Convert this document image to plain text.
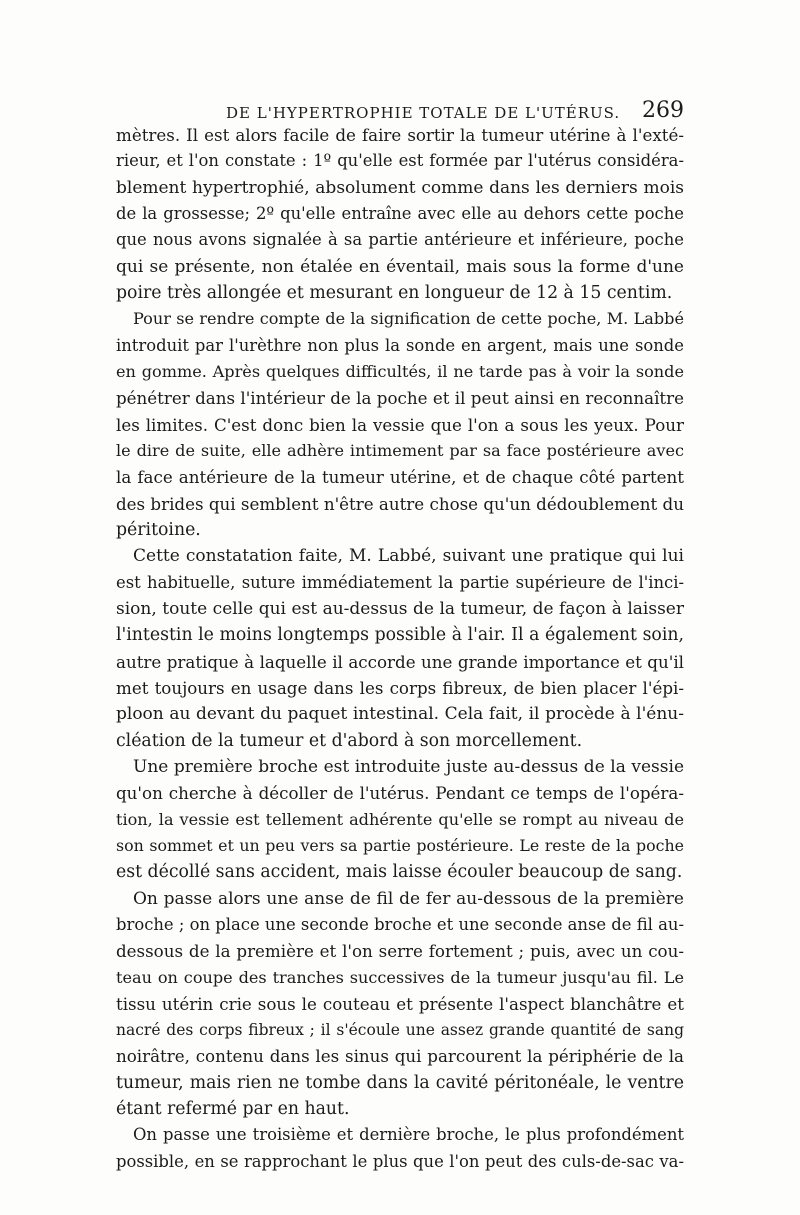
DE L'HYPERTROPHIE TOTALE DE L'UTÉRUS. 269
mètres. Il est alors facile de faire sortir la tumeur utérine à l'exté-
rieur, et l'on constate : 1º qu'elle est formée par l'utérus considéra-
blement hypertrophié, absolument comme dans les derniers mois
de la grossesse; 2º qu'elle entraîne avec elle au dehors cette poche
que nous avons signalée à sa partie antérieure et inférieure, poche
qui se présente, non étalée en éventail, mais sous la forme d'une
poire très allongée et mesurant en longueur de 12 à 15 centim.
Pour se rendre compte de la signification de cette poche, M. Labbé
introduit par l'urèthre non plus la sonde en argent, mais une sonde
en gomme. Après quelques difficultés, il ne tarde pas à voir la sonde
pénétrer dans l'intérieur de la poche et il peut ainsi en reconnaître
les limites. C'est donc bien la vessie que l'on a sous les yeux. Pour
le dire de suite, elle adhère intimement par sa face postérieure avec
la face antérieure de la tumeur utérine, et de chaque côté partent
des brides qui semblent n'être autre chose qu'un dédoublement du
péritoine.
Cette constatation faite, M. Labbé, suivant une pratique qui lui
est habituelle, suture immédiatement la partie supérieure de l'inci-
sion, toute celle qui est au-dessus de la tumeur, de façon à laisser
l'intestin le moins longtemps possible à l'air. Il a également soin,
autre pratique à laquelle il accorde une grande importance et qu'il
met toujours en usage dans les corps fibreux, de bien placer l'épi-
ploon au devant du paquet intestinal. Cela fait, il procède à l'énu-
cléation de la tumeur et d'abord à son morcellement.
Une première broche est introduite juste au-dessus de la vessie
qu'on cherche à décoller de l'utérus. Pendant ce temps de l'opéra-
tion, la vessie est tellement adhérente qu'elle se rompt au niveau de
son sommet et un peu vers sa partie postérieure. Le reste de la poche
est décollé sans accident, mais laisse écouler beaucoup de sang.
On passe alors une anse de fil de fer au-dessous de la première
broche ; on place une seconde broche et une seconde anse de fil au-
dessous de la première et l'on serre fortement ; puis, avec un cou-
teau on coupe des tranches successives de la tumeur jusqu'au fil. Le
tissu utérin crie sous le couteau et présente l'aspect blanchâtre et
nacré des corps fibreux ; il s'écoule une assez grande quantité de sang
noirâtre, contenu dans les sinus qui parcourent la périphérie de la
tumeur, mais rien ne tombe dans la cavité péritonéale, le ventre
étant refermé par en haut.
On passe une troisième et dernière broche, le plus profondément
possible, en se rapprochant le plus que l'on peut des culs-de-sac va-
